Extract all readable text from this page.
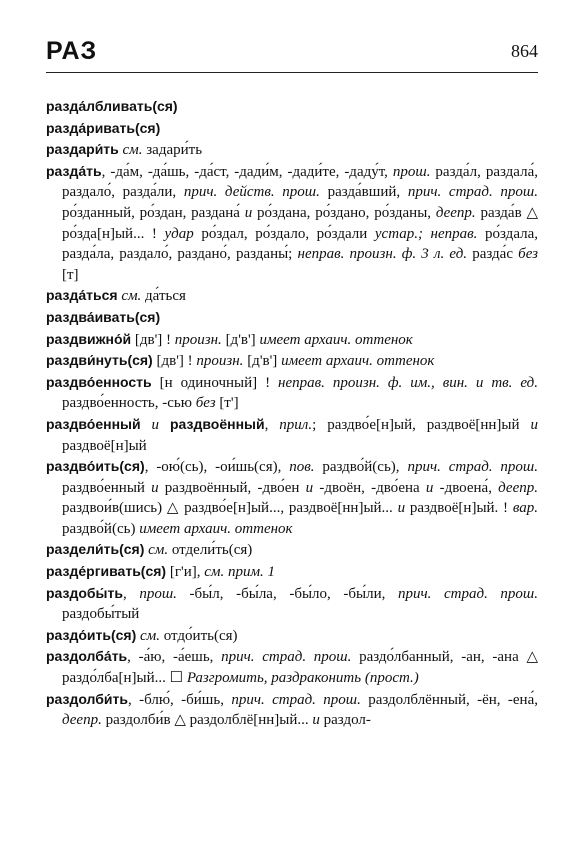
РАЗ	864

разда́лбливать(ся)

разда́ривать(ся)

раздари́ть см. задари́ть

разда́ть, -да́м, -да́шь, -да́ст, -дади́м, -дади́те, -даду́т, прош. разда́л, раздала́, раздало́, разда́ли, прич. действ. прош. разда́вший, прич. страд. прош. ро́зданный, ро́здан, раздана́ и ро́здана, ро́здано, ро́зданы, деепр. разда́в △ ро́зда[н]ый... ! удар ро́здал, ро́здало, ро́здали устар.; неправ. ро́здала, разда́ла, раздало́, раздано́, разданы́; неправ. произн. ф. 3 л. ед. разда́с без [т]

разда́ться см. да́ться

раздва́ивать(ся)

раздвижно́й [дв'] ! произн. [д'в'] имеет архаич. оттенок

раздви́нуть(ся) [дв'] ! произн. [д'в'] имеет архаич. оттенок

раздво́енность [н одиночный] ! неправ. произн. ф. им., вин. и тв. ед. раздво́енность, -сью без [т']

раздво́енный и раздвоённый, прил.; раздво́е[н]ый, раздвоё[нн]ый и раздвоё[н]ый

раздво́ить(ся), -ою́(сь), -ои́шь(ся), пов. раздво́й(сь), прич. страд. прош. раздво́енный и раздвоённый, -дво́ен и -двоён, -дво́ена и -двоена́, деепр. раздвои́в(шись) △ раздво́е[н]ый..., раздвоё[нн]ый... и раздвоё[н]ый. ! вар. раздво́й(сь) имеет архаич. оттенок

раздели́ть(ся) см. отдели́ть(ся)

разде́ргивать(ся) [г'и], см. прим. 1

раздобы́ть, прош. -бы́л, -бы́ла, -бы́ло, -бы́ли, прич. страд. прош. раздобы́тый

раздо́ить(ся) см. отдо́ить(ся)

раздолба́ть, -а́ю, -а́ешь, прич. страд. прош. раздо́лбанный, -ан, -ана △ раздо́лба[н]ый... ☐ Разгромить, раздраконить (прост.)

раздолби́ть, -блю́, -би́шь, прич. страд. прош. раздолблённый, -ён, -ена́, деепр. раздолби́в △ раздолблё[нн]ый... и раздол-
